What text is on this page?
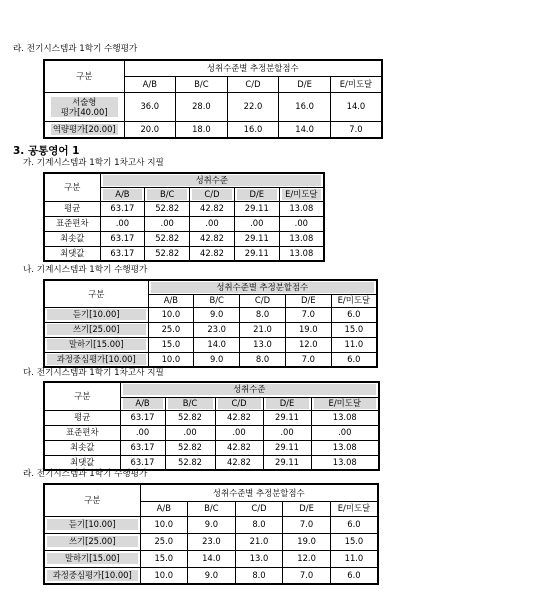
라. 전기시스템과 1학기 수행평가
구분	성취수준별 추정분할점수				
	A/B	B/C	C/D	D/E	E/미도달

서술형
평가[40.00]	36.0	28.0	22.0	16.0	14.0

역량평가[20.00]	20.0	18.0	16.0	14.0	7.0
3. 공통영어 1
가. 기계시스템과 1학기 1차고사 지필
구분	성취수준				

	A/B	B/C	C/D	D/E	E/미도달

평균	63.17	52.82	42.82	29.11	13.08
표준편차	.00	.00	.00	.00	.00
최솟값	63.17	52.82	42.82	29.11	13.08
최댓값	63.17	52.82	42.82	29.11	13.08
나. 기계시스템과 1학기 수행평가
구분	성취수준별 추정분할점수				

	A/B	B/C	C/D	D/E	E/미도달

듣기[10.00]	10.0	9.0	8.0	7.0	6.0

쓰기[25.00]	25.0	23.0	21.0	19.0	15.0

말하기[15.00]	15.0	14.0	13.0	12.0	11.0

과정중심평가[10.00]	10.0	9.0	8.0	7.0	6.0
다. 전기시스템과 1학기 1차고사 지필
구분	성취수준				

	A/B	B/C	C/D	D/E	E/미도달

평균	63.17	52.82	42.82	29.11	13.08
표준편차	.00	.00	.00	.00	.00
최솟값	63.17	52.82	42.82	29.11	13.08
최댓값	63.17	52.82	42.82	29.11	13.08
라. 전기시스템과 1학기 수행평가
구분	성취수준별 추정분할점수				
	A/B	B/C	C/D	D/E	E/미도달

듣기[10.00]	10.0	9.0	8.0	7.0	6.0

쓰기[25.00]	25.0	23.0	21.0	19.0	15.0

말하기[15.00]	15.0	14.0	13.0	12.0	11.0

과정중심평가[10.00]	10.0	9.0	8.0	7.0	6.0
